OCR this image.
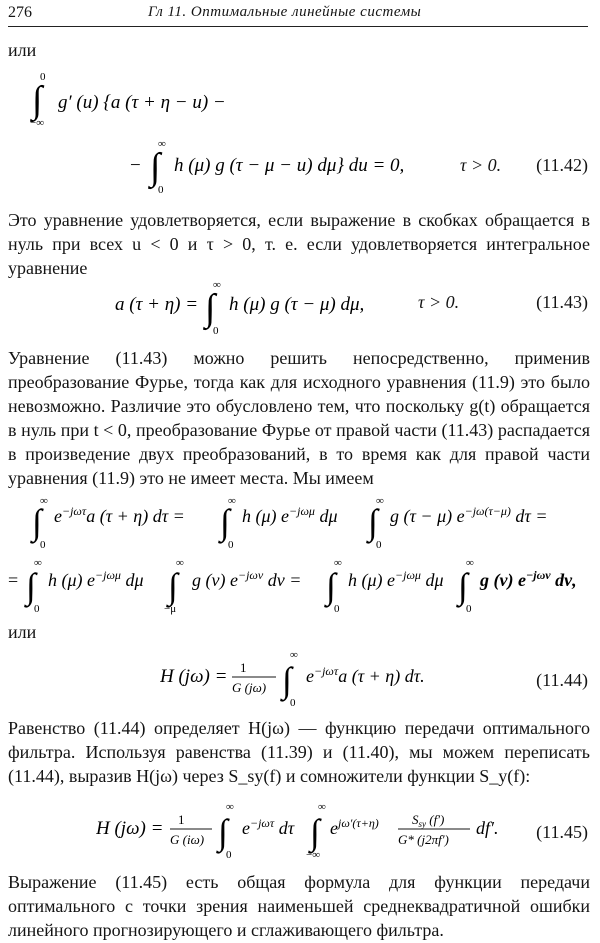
276	Гл 11. Оптимальные линейные системы
или
0
∫
−∞
g′ (u) {a (τ + η − u) −
∞
− ∫
0
h (μ) g (τ − μ − u) dμ} du = 0,	τ > 0. (11.42)
Это уравнение удовлетворяется, если выражение в скобках обращается в нуль при всех u < 0 и τ > 0, т. е. если удовлетворяется интегральное уравнение
a (τ + η) =
∞
∫
0
h (μ) g (τ − μ) dμ,	τ > 0.	(11.43)
Уравнение (11.43) можно решить непосредственно, применив преобразование Фурье, тогда как для исходного уравнения (11.9) это было невозможно. Различие это обусловлено тем, что поскольку g(t) обращается в нуль при t < 0, преобразование Фурье от правой части (11.43) распадается в произведение двух преобразований, в то время как для правой части уравнения (11.9) это не имеет места. Мы имеем
∞
∫
0
$e^{-j\omega\tau}a$ (τ + η) dτ =
∞
∫
0
h (μ) $e^{-j\omega\mu}$ dμ
∞
∫
0
g (τ − μ) $e^{-j\omega(\tau-\mu)}$ dτ =
=
∞
∫
0
h (μ) $e^{-j\omega\mu}$ dμ
∞
∫
−μ
g (ν) $e^{-j\omega\nu}$ dν =
∞
∫
0
h (μ) $e^{-j\omega\mu}$ dμ
∞
∫
0
g (ν) $e^{-j\omega\nu}$ dν,
или
H (jω) = 1
G (jω)
∞
∫
0
$e^{-j\omega\tau}a$ (τ + η) dτ.	(11.44)
Равенство (11.44) определяет H(jω) — функцию передачи оптимального фильтра. Используя равенства (11.39) и (11.40), мы можем переписать (11.44), выразив H(jω) через S_sy(f) и сомножители функции S_y(f):
H (jω) = 1
G (iω)
∞
∫
0
$e^{-j\omega\tau}$ dτ
∞
∫
−∞
$e^{j\omega'(\tau+\eta)}$	$S_{sy}$ (f′)
G* (j2πf′)
df′. (11.45)
Выражение (11.45) есть общая формула для функции передачи оптимального с точки зрения наименьшей среднеквадратичной ошибки линейного прогнозирующего и сглаживающего фильтра.
